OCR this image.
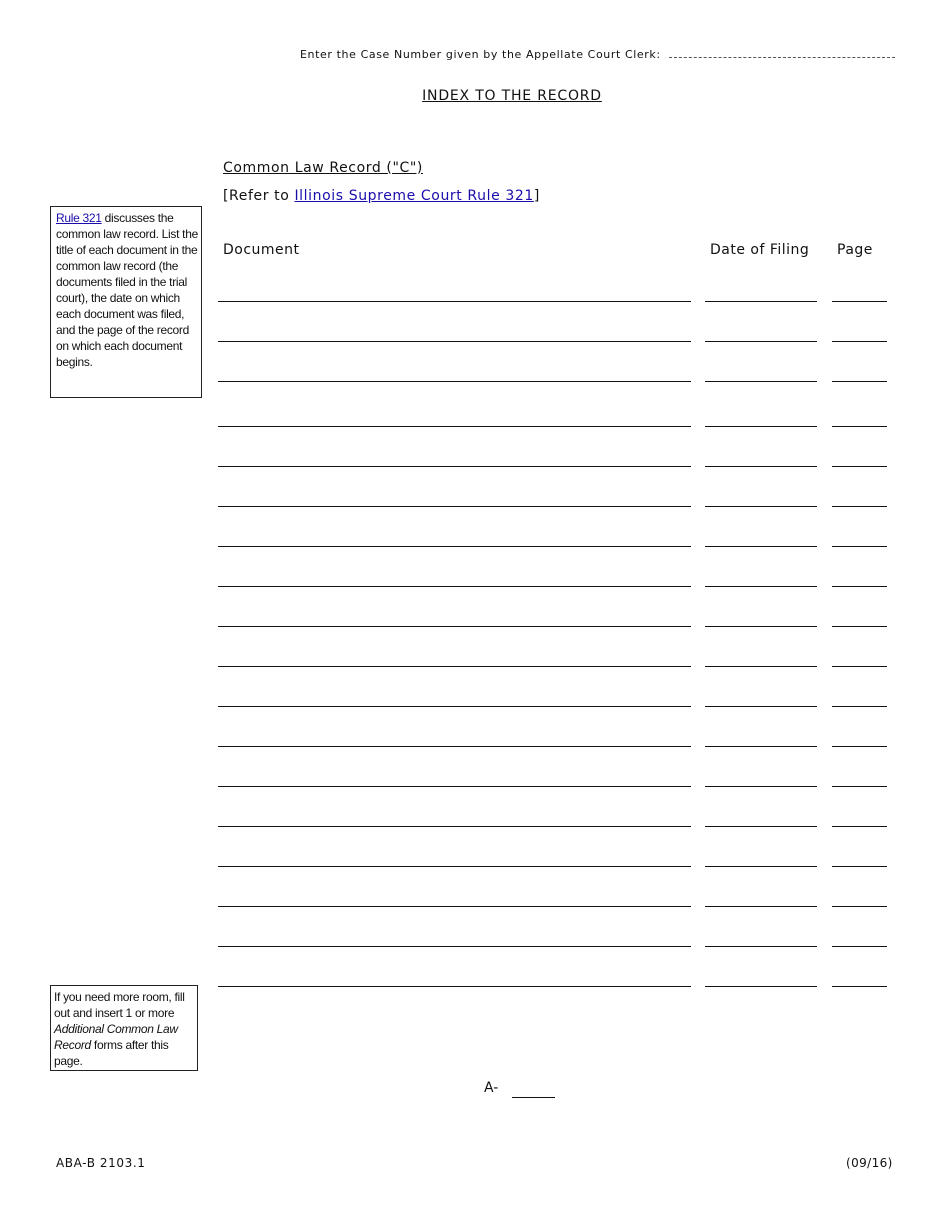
Enter the Case Number given by the Appellate Court Clerk:
INDEX TO THE RECORD
Common Law Record ("C")
[Refer to Illinois Supreme Court Rule 321]
Rule 321 discusses the common law record. List the title of each document in the common law record (the documents filed in the trial court), the date on which each document was filed, and the page of the record on which each document begins.
Document	Date of Filing Page
If you need more room, fill out and insert 1 or more Additional Common Law Record forms after this page.
A-
ABA-B 2103.1	(09/16)
